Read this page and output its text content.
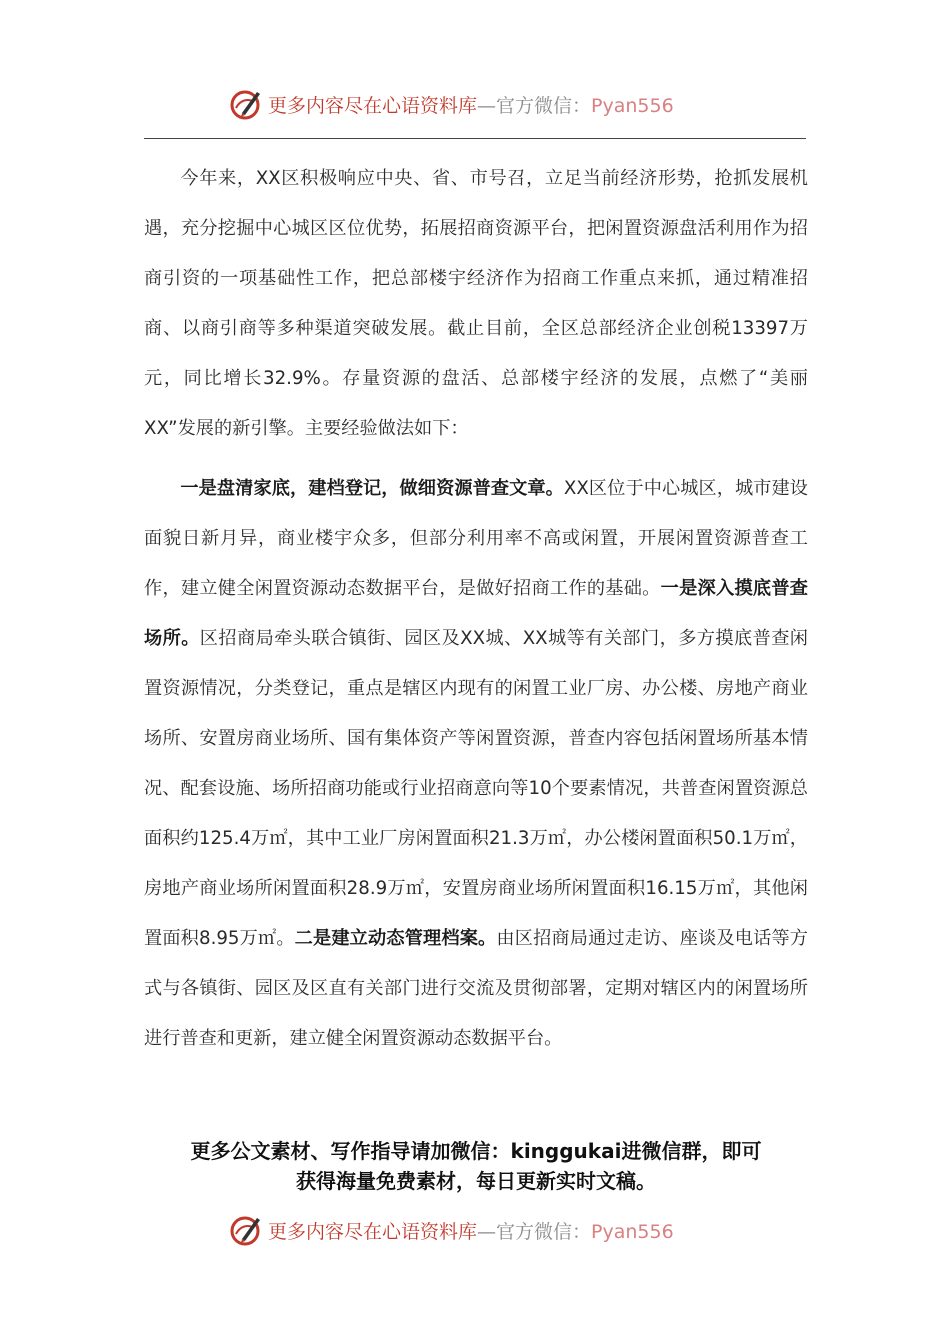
更多内容尽在心语资料库—官方微信：Pyan556

今年来，XX区积极响应中央、省、市号召，立足当前经济形势，抢抓发展机遇，充分挖掘中心城区区位优势，拓展招商资源平台，把闲置资源盘活利用作为招商引资的一项基础性工作，把总部楼宇经济作为招商工作重点来抓，通过精准招商、以商引商等多种渠道突破发展。截止目前，全区总部经济企业创税13397万元，同比增长32.9%。存量资源的盘活、总部楼宇经济的发展，点燃了“美丽XX”发展的新引擎。主要经验做法如下：

一是盘清家底，建档登记，做细资源普查文章。XX区位于中心城区，城市建设面貌日新月异，商业楼宇众多，但部分利用率不高或闲置，开展闲置资源普查工作，建立健全闲置资源动态数据平台，是做好招商工作的基础。一是深入摸底普查场所。区招商局牵头联合镇街、园区及XX城、XX城等有关部门，多方摸底普查闲置资源情况，分类登记，重点是辖区内现有的闲置工业厂房、办公楼、房地产商业场所、安置房商业场所、国有集体资产等闲置资源，普查内容包括闲置场所基本情况、配套设施、场所招商功能或行业招商意向等10个要素情况，共普查闲置资源总面积约125.4万㎡，其中工业厂房闲置面积21.3万㎡，办公楼闲置面积50.1万㎡，房地产商业场所闲置面积28.9万㎡，安置房商业场所闲置面积16.15万㎡，其他闲置面积8.95万㎡。二是建立动态管理档案。由区招商局通过走访、座谈及电话等方式与各镇街、园区及区直有关部门进行交流及贯彻部署，定期对辖区内的闲置场所进行普查和更新，建立健全闲置资源动态数据平台。

更多公文素材、写作指导请加微信：kinggukai进微信群，即可
获得海量免费素材，每日更新实时文稿。
更多内容尽在心语资料库—官方微信：Pyan556
